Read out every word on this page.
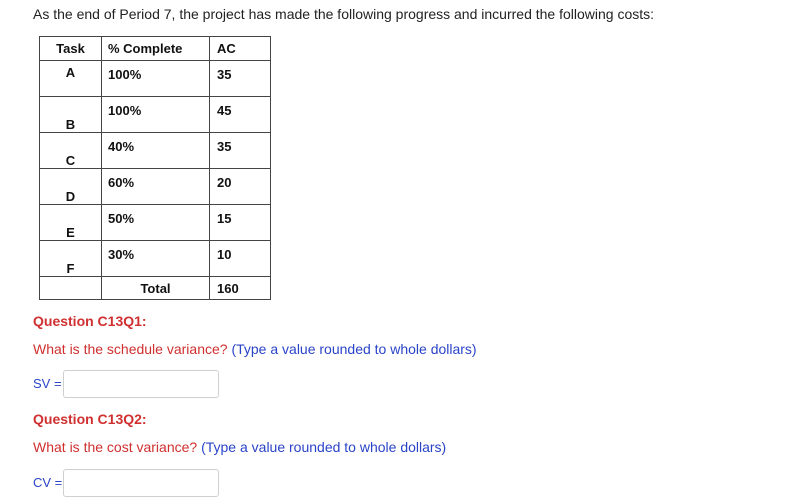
As the end of Period 7, the project has made the following progress and incurred the following costs:
Task	% Complete	AC

A	100%	35

B	100%	45

C	40%	35

D	60%	20

E	50%	15

F	30%	10

	Total	160
Question C13Q1:
What is the schedule variance? (Type a value rounded to whole dollars)
SV =
Question C13Q2:
What is the cost variance? (Type a value rounded to whole dollars)
CV =
